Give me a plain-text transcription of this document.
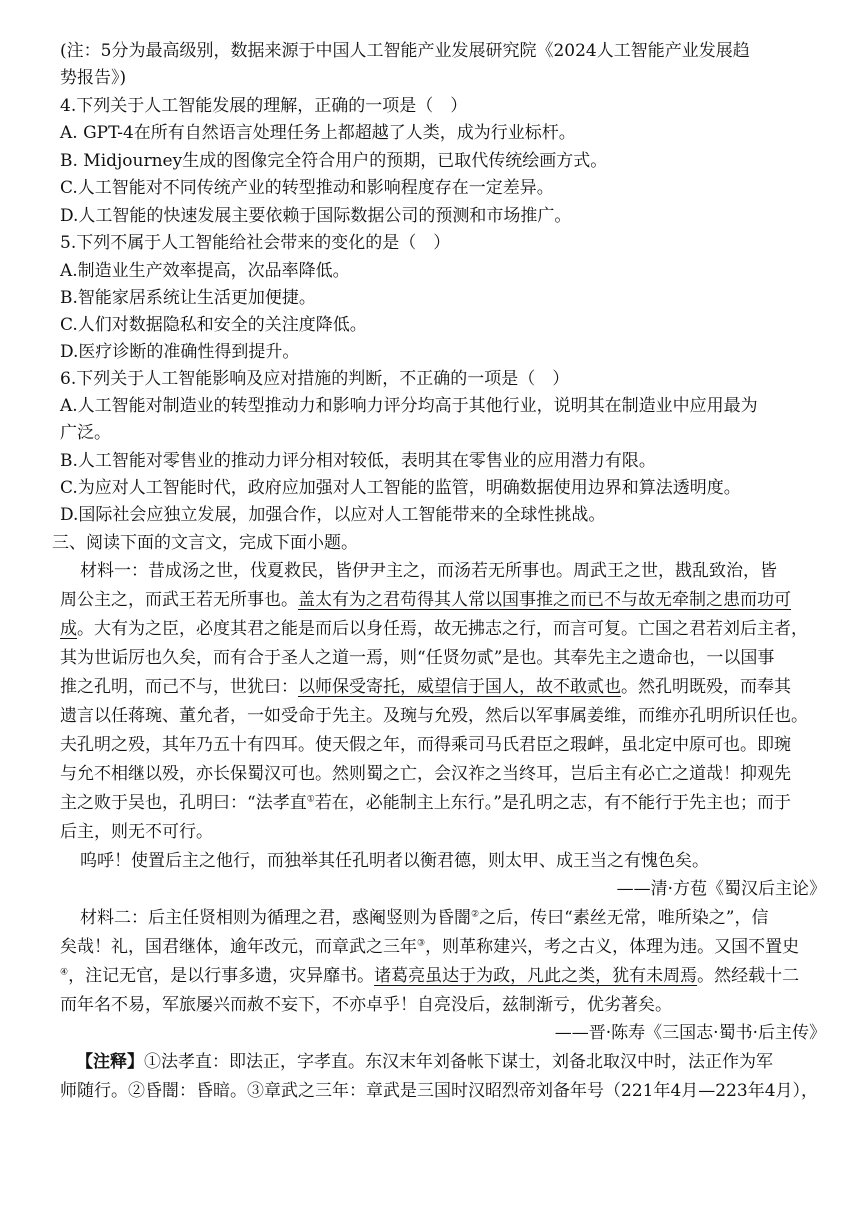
(注：5分为最高级别，数据来源于中国人工智能产业发展研究院《2024人工智能产业发展趋
势报告》)
4.下列关于人工智能发展的理解，正确的一项是（　）
A. GPT-4在所有自然语言处理任务上都超越了人类，成为行业标杆。
B. Midjourney生成的图像完全符合用户的预期，已取代传统绘画方式。
C.人工智能对不同传统产业的转型推动和影响程度存在一定差异。
D.人工智能的快速发展主要依赖于国际数据公司的预测和市场推广。
5.下列不属于人工智能给社会带来的变化的是（　）
A.制造业生产效率提高，次品率降低。
B.智能家居系统让生活更加便捷。
C.人们对数据隐私和安全的关注度降低。
D.医疗诊断的准确性得到提升。
6.下列关于人工智能影响及应对措施的判断，不正确的一项是（　）
A.人工智能对制造业的转型推动力和影响力评分均高于其他行业，说明其在制造业中应用最为
广泛。
B.人工智能对零售业的推动力评分相对较低，表明其在零售业的应用潜力有限。
C.为应对人工智能时代，政府应加强对人工智能的监管，明确数据使用边界和算法透明度。
D.国际社会应独立发展，加强合作，以应对人工智能带来的全球性挑战。
三、阅读下面的文言文，完成下面小题。
材料一：昔成汤之世，伐夏救民，皆伊尹主之，而汤若无所事也。周武王之世，戡乱致治，皆
周公主之，而武王若无所事也。盖太有为之君苟得其人常以国事推之而已不与故无牵制之患而功可
成。大有为之臣，必度其君之能是而后以身任焉，故无拂志之行，而言可复。亡国之君若刘后主者，
其为世诟厉也久矣，而有合于圣人之道一焉，则“任贤勿贰”是也。其奉先主之遗命也，一以国事
推之孔明，而己不与，世犹曰：以师保受寄托，威望信于国人，故不敢贰也。然孔明既殁，而奉其
遗言以任蒋琬、董允者，一如受命于先主。及琬与允殁，然后以军事属姜维，而维亦孔明所识任也。
夫孔明之殁，其年乃五十有四耳。使天假之年，而得乘司马氏君臣之瑕衅，虽北定中原可也。即琬
与允不相继以殁，亦长保蜀汉可也。然则蜀之亡，会汉祚之当终耳，岂后主有必亡之道哉！抑观先
主之败于吴也，孔明曰：“法孝直①若在，必能制主上东行。”是孔明之志，有不能行于先主也；而于
后主，则无不可行。
呜呼！使置后主之他行，而独举其任孔明者以衡君德，则太甲、成王当之有愧色矣。
——清·方苞《蜀汉后主论》
材料二：后主任贤相则为循理之君，惑阉竖则为昏闇②之后，传曰“素丝无常，唯所染之”，信
矣哉！礼，国君继体，逾年改元，而章武之三年③，则革称建兴，考之古义，体理为违。又国不置史
④，注记无官，是以行事多遗，灾异靡书。诸葛亮虽达于为政，凡此之类，犹有未周焉。然经载十二
而年名不易，军旅屡兴而赦不妄下，不亦卓乎！自亮没后，兹制渐亏，优劣著矣。
——晋·陈寿《三国志·蜀书·后主传》
【注释】①法孝直：即法正，字孝直。东汉末年刘备帐下谋士，刘备北取汉中时，法正作为军
师随行。②昏闇：昏暗。③章武之三年：章武是三国时汉昭烈帝刘备年号（221年4月—223年4月），
